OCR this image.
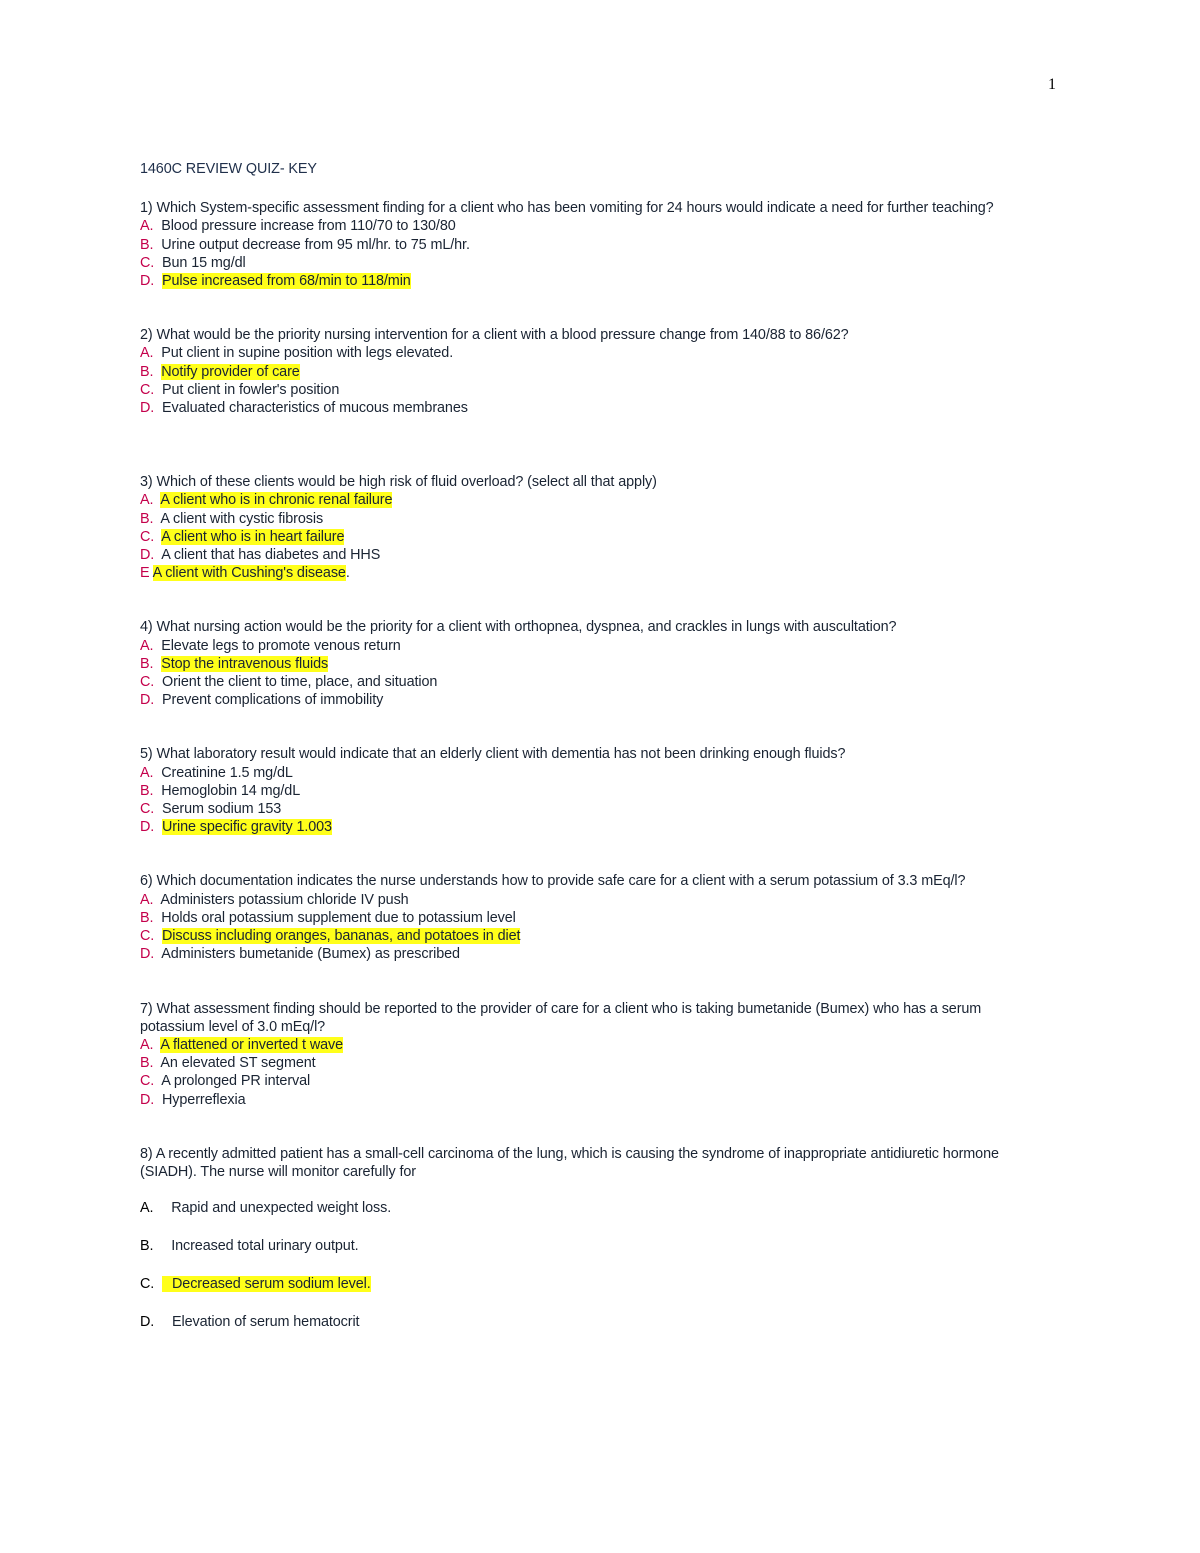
1

1460C REVIEW QUIZ- KEY

1) Which System-specific assessment finding for a client who has been vomiting for 24 hours would indicate a need for further teaching?

A. Blood pressure increase from 110/70 to 130/80

B. Urine output decrease from 95 ml/hr. to 75 mL/hr.

C. Bun 15 mg/dl

D. Pulse increased from 68/min to 118/min

2) What would be the priority nursing intervention for a client with a blood pressure change from 140/88 to 86/62?

A. Put client in supine position with legs elevated.

B. Notify provider of care

C. Put client in fowler's position

D. Evaluated characteristics of mucous membranes

3) Which of these clients would be high risk of fluid overload? (select all that apply)

A. A client who is in chronic renal failure

B. A client with cystic fibrosis

C. A client who is in heart failure

D. A client that has diabetes and HHS

E A client with Cushing's disease.

4) What nursing action would be the priority for a client with orthopnea, dyspnea, and crackles in lungs with auscultation?

A. Elevate legs to promote venous return

B. Stop the intravenous fluids

C. Orient the client to time, place, and situation

D. Prevent complications of immobility

5) What laboratory result would indicate that an elderly client with dementia has not been drinking enough fluids?

A. Creatinine 1.5 mg/dL

B. Hemoglobin 14 mg/dL

C. Serum sodium 153

D. Urine specific gravity 1.003

6) Which documentation indicates the nurse understands how to provide safe care for a client with a serum potassium of 3.3 mEq/l?

A. Administers potassium chloride IV push

B. Holds oral potassium supplement due to potassium level

C. Discuss including oranges, bananas, and potatoes in diet

D. Administers bumetanide (Bumex) as prescribed

7) What assessment finding should be reported to the provider of care for a client who is taking bumetanide (Bumex) who has a serum potassium level of 3.0 mEq/l?

A. A flattened or inverted t wave

B. An elevated ST segment

C. A prolonged PR interval

D. Hyperreflexia

8) A recently admitted patient has a small-cell carcinoma of the lung, which is causing the syndrome of inappropriate antidiuretic hormone (SIADH). The nurse will monitor carefully for

A. Rapid and unexpected weight loss.

B. Increased total urinary output.

C. Decreased serum sodium level.

D. Elevation of serum hematocrit
